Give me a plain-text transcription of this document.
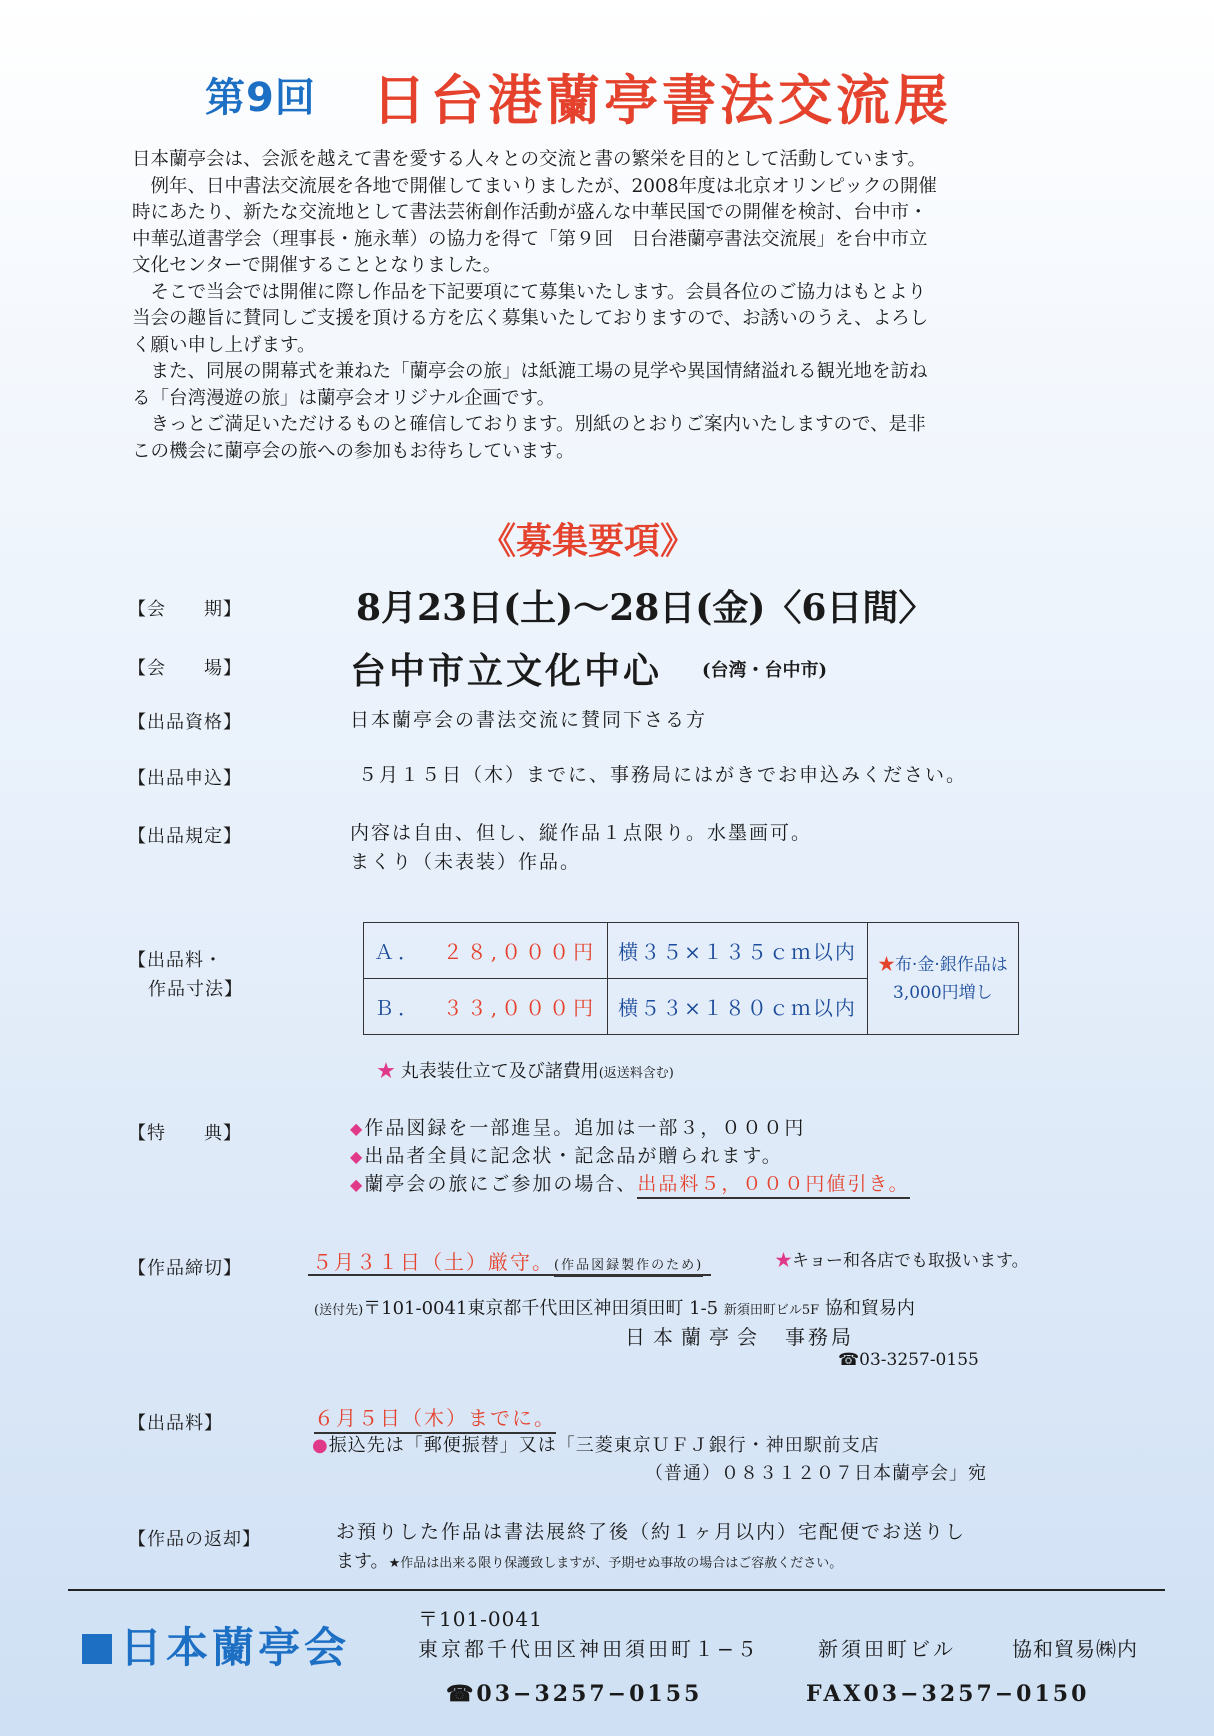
第9回 日台港蘭亭書法交流展
日本蘭亭会は、会派を越えて書を愛する人々との交流と書の繁栄を目的として活動しています。
　例年、日中書法交流展を各地で開催してまいりましたが、2008年度は北京オリンピックの開催
時にあたり、新たな交流地として書法芸術創作活動が盛んな中華民国での開催を検討、台中市・
中華弘道書学会（理事長・施永華）の協力を得て「第９回　日台港蘭亭書法交流展」を台中市立
文化センターで開催することとなりました。
　そこで当会では開催に際し作品を下記要項にて募集いたします。会員各位のご協力はもとより
当会の趣旨に賛同しご支援を頂ける方を広く募集いたしておりますので、お誘いのうえ、よろし
く願い申し上げます。
　また、同展の開幕式を兼ねた「蘭亭会の旅」は紙漉工場の見学や異国情緒溢れる観光地を訪ね
る「台湾漫遊の旅」は蘭亭会オリジナル企画です。
　きっとご満足いただけるものと確信しております。別紙のとおりご案内いたしますので、是非
この機会に蘭亭会の旅への参加もお待ちしています。
《募集要項》
【会　　期】	8月23日(土)〜28日(金)〈6日間〉
【会　　場】	台中市立文化中心 (台湾・台中市)
【出品資格】	日本蘭亭会の書法交流に賛同下さる方
【出品申込】	５月１５日（木）までに、事務局にはがきでお申込みください。
【出品規定】	内容は自由、但し、縦作品１点限り。水墨画可。
まくり（未表装）作品。
【出品料・
作品寸法】
Ａ． ２８,０００円	横３５×１３５ｃｍ以内	★布·金·銀作品は
3,000円増し
Ｂ． ３３,０００円	横５３×１８０ｃｍ以内	
★ 丸表装仕立て及び諸費用(返送料含む)
【特　　典】	◆作品図録を一部進呈。追加は一部３，０００円
◆出品者全員に記念状・記念品が贈られます。
◆蘭亭会の旅にご参加の場合、出品料５，０００円値引き。
【作品締切】	５月３１日（土）厳守。(作品図録製作のため)	★キョー和各店でも取扱います。
(送付先)〒101-0041東京都千代田区神田須田町 1-5 新須田町ビル5F 協和貿易内
日本蘭亭会 事務局
☎03-3257-0155
【出品料】	６月５日（木）までに。
●振込先は「郵便振替」又は「三菱東京ＵＦＪ銀行・神田駅前支店
（普通）０８３１２０７日本蘭亭会」宛
【作品の返却】	お預りした作品は書法展終了後（約１ヶ月以内）宅配便でお送りし
ます。★作品は出来る限り保護致しますが、予期せぬ事故の場合はご容赦ください。
日本蘭亭会
〒101-0041
東京都千代田区神田須田町１−５	新須田町ビル	協和貿易㈱内
☎03−3257−0155	FAX03−3257−0150
